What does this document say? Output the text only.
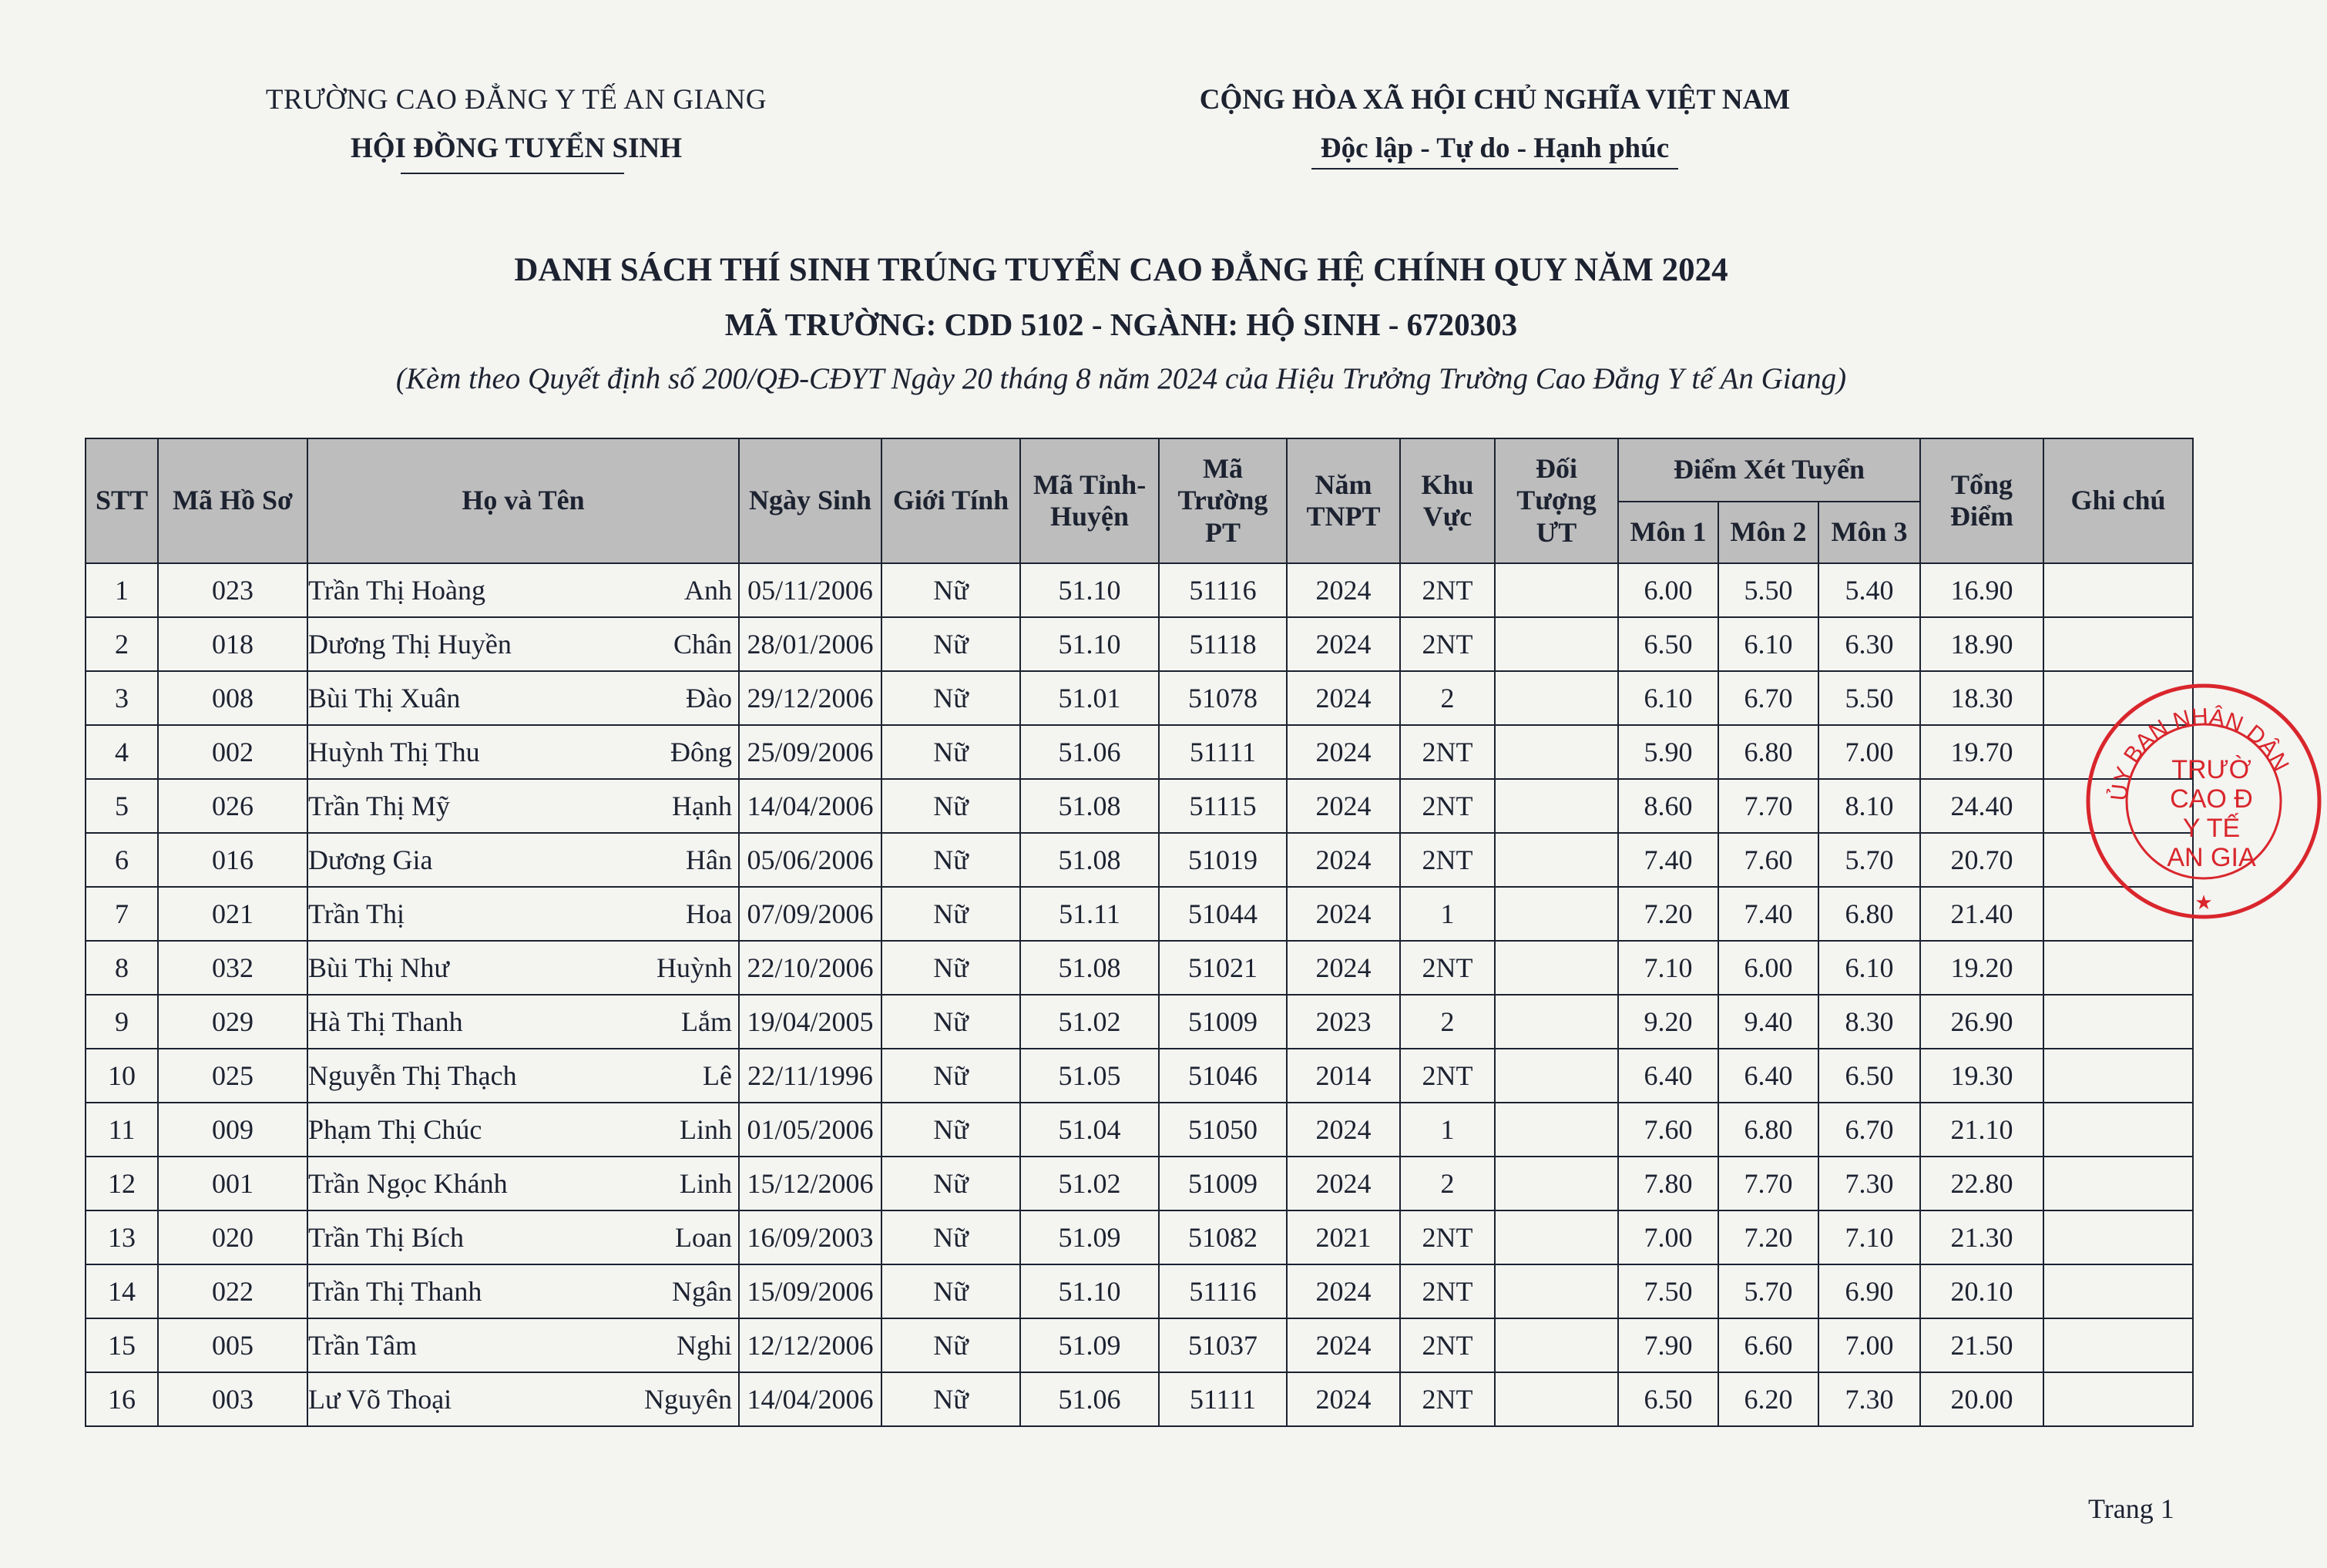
TRƯỜNG CAO ĐẲNG Y TẾ AN GIANG

HỘI ĐỒNG TUYỂN SINH

CỘNG HÒA XÃ HỘI CHỦ NGHĨA VIỆT NAM

Độc lập - Tự do - Hạnh phúc

DANH SÁCH THÍ SINH TRÚNG TUYỂN CAO ĐẲNG HỆ CHÍNH QUY NĂM 2024

MÃ TRƯỜNG: CDD 5102 - NGÀNH: HỘ SINH - 6720303

(Kèm theo Quyết định số 200/QĐ-CĐYT Ngày 20 tháng 8 năm 2024 của Hiệu Trưởng Trường Cao Đẳng Y tế An Giang)

STT	Mã Hồ Sơ	Họ và Tên	Ngày Sinh	Giới Tính	Mã Tỉnh-Huyện	Mã Trường PT	Năm TNPT	Khu Vực	Đối Tượng ƯT	Điểm Xét Tuyển			Tổng Điểm	Ghi chú
										Môn 1	Môn 2	Môn 3		
1	023	Trần Thị Hoàng Anh	05/11/2006	Nữ	51.10	51116	2024	2NT		6.00	5.50	5.40	16.90	
2	018	Dương Thị Huyền Chân	28/01/2006	Nữ	51.10	51118	2024	2NT		6.50	6.10	6.30	18.90	
3	008	Bùi Thị Xuân Đào	29/12/2006	Nữ	51.01	51078	2024	2		6.10	6.70	5.50	18.30	
4	002	Huỳnh Thị Thu Đông	25/09/2006	Nữ	51.06	51111	2024	2NT		5.90	6.80	7.00	19.70	
5	026	Trần Thị Mỹ Hạnh	14/04/2006	Nữ	51.08	51115	2024	2NT		8.60	7.70	8.10	24.40	
6	016	Dương Gia Hân	05/06/2006	Nữ	51.08	51019	2024	2NT		7.40	7.60	5.70	20.70	
7	021	Trần Thị Hoa	07/09/2006	Nữ	51.11	51044	2024	1		7.20	7.40	6.80	21.40	
8	032	Bùi Thị Như Huỳnh	22/10/2006	Nữ	51.08	51021	2024	2NT		7.10	6.00	6.10	19.20	
9	029	Hà Thị Thanh Lắm	19/04/2005	Nữ	51.02	51009	2023	2		9.20	9.40	8.30	26.90	
10	025	Nguyễn Thị Thạch Lê	22/11/1996	Nữ	51.05	51046	2014	2NT		6.40	6.40	6.50	19.30	
11	009	Phạm Thị Chúc Linh	01/05/2006	Nữ	51.04	51050	2024	1		7.60	6.80	6.70	21.10	
12	001	Trần Ngọc Khánh Linh	15/12/2006	Nữ	51.02	51009	2024	2		7.80	7.70	7.30	22.80	
13	020	Trần Thị Bích Loan	16/09/2003	Nữ	51.09	51082	2021	2NT		7.00	7.20	7.10	21.30	
14	022	Trần Thị Thanh Ngân	15/09/2006	Nữ	51.10	51116	2024	2NT		7.50	5.70	6.90	20.10	
15	005	Trần Tâm Nghi	12/12/2006	Nữ	51.09	51037	2024	2NT		7.90	6.60	7.00	21.50	
16	003	Lư Võ Thoại Nguyên	14/04/2006	Nữ	51.06	51111	2024	2NT		6.50	6.20	7.30	20.00	
ỦY BAN NHÂN DÂN
TRƯỜ
CAO Đ
Y TẾ
AN GIA
★
Trang 1
